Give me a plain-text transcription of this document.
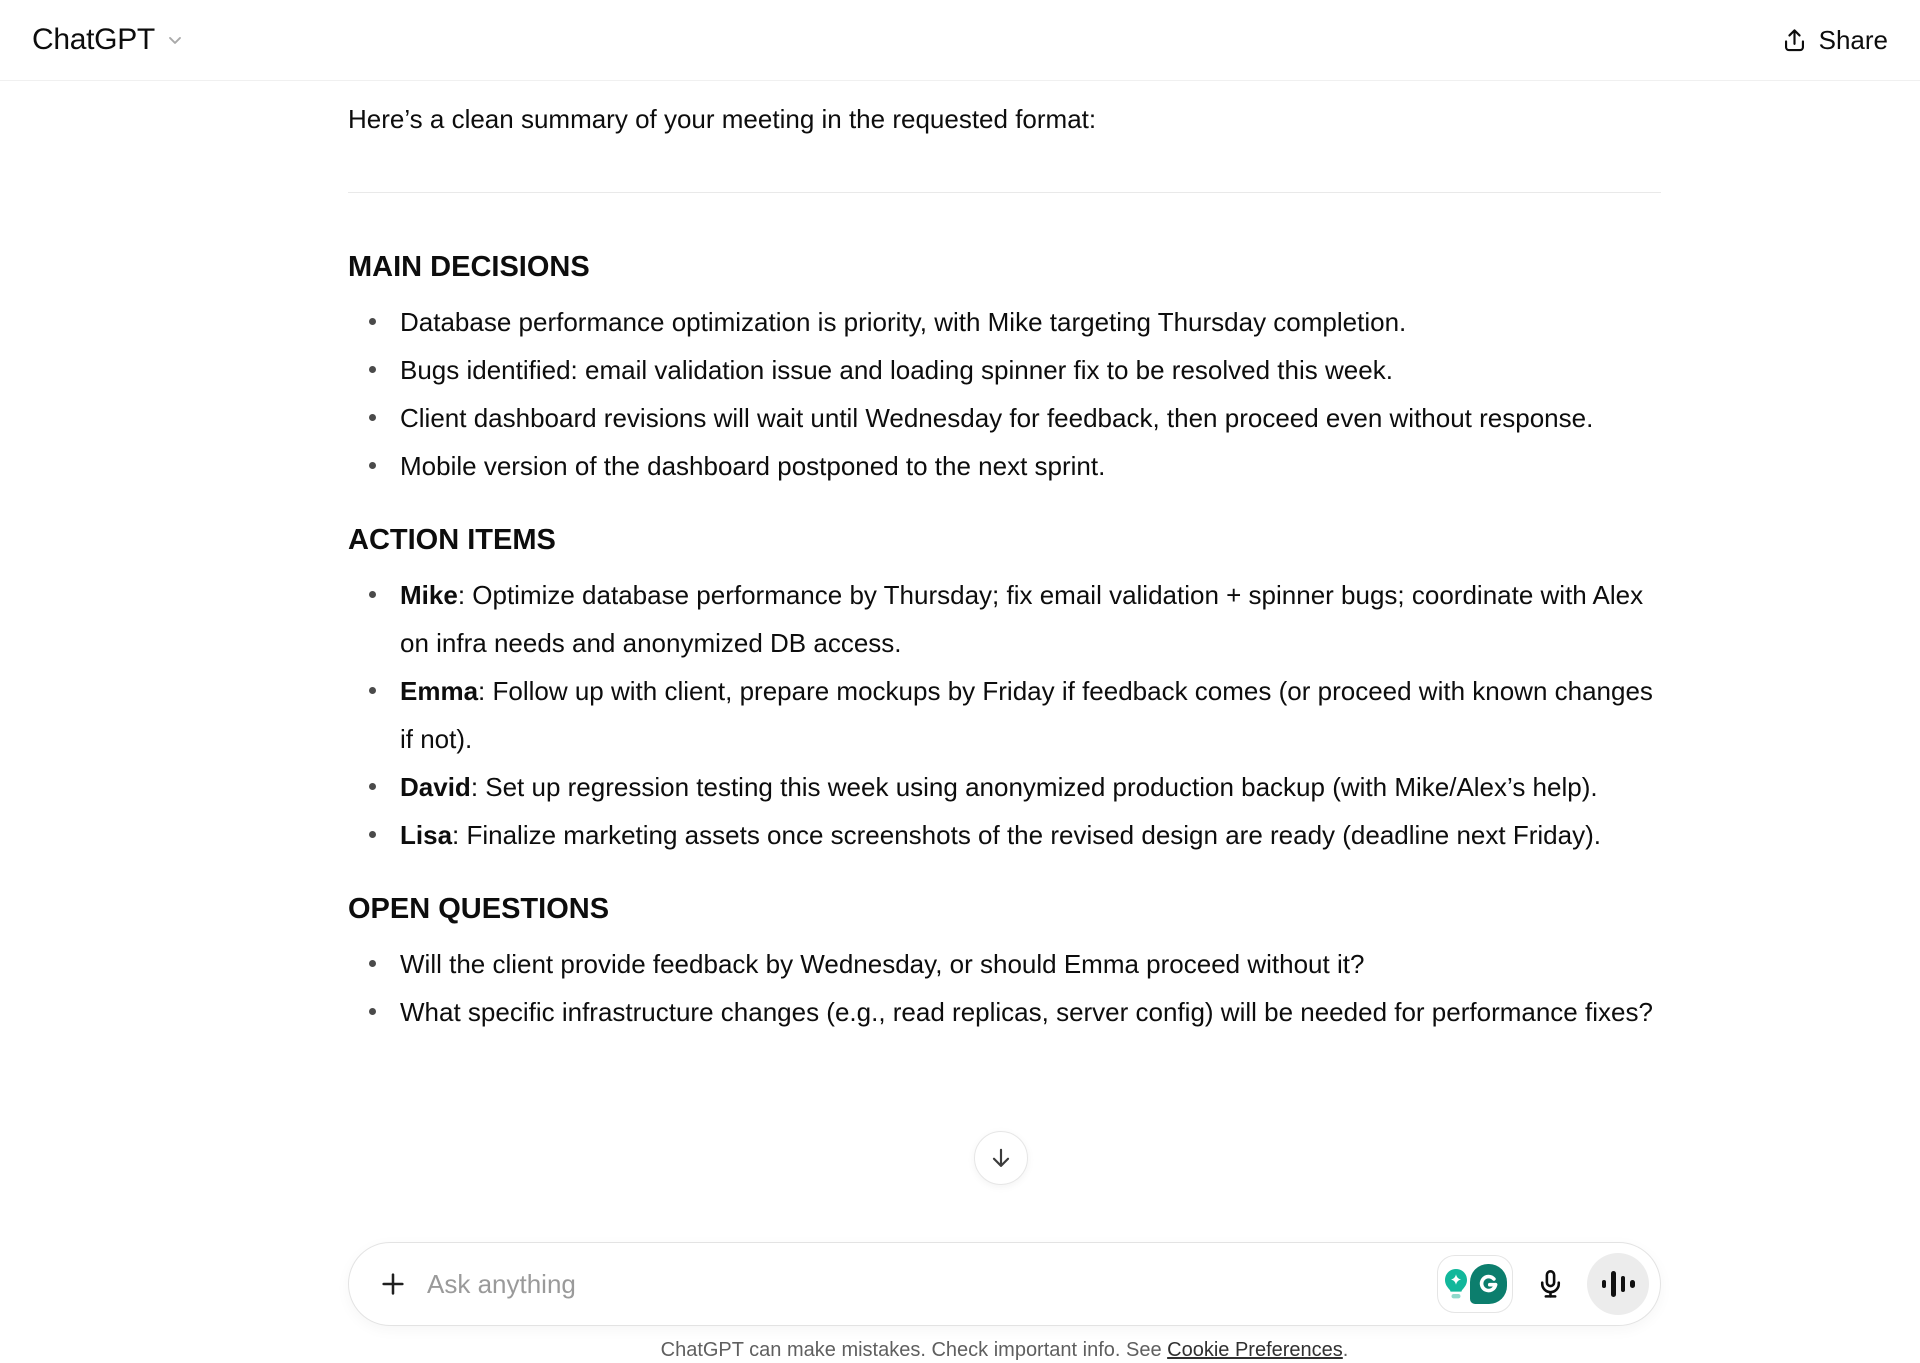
ChatGPT	Share

Here’s a clean summary of your meeting in the requested format:

MAIN DECISIONS
Database performance optimization is priority, with Mike targeting Thursday completion.
Bugs identified: email validation issue and loading spinner fix to be resolved this week.
Client dashboard revisions will wait until Wednesday for feedback, then proceed even without response.
Mobile version of the dashboard postponed to the next sprint.
ACTION ITEMS
Mike: Optimize database performance by Thursday; fix email validation + spinner bugs; coordinate with Alex on infra needs and anonymized DB access.
Emma: Follow up with client, prepare mockups by Friday if feedback comes (or proceed with known changes if not).
David: Set up regression testing this week using anonymized production backup (with Mike/Alex’s help).
Lisa: Finalize marketing assets once screenshots of the revised design are ready (deadline next Friday).
OPEN QUESTIONS
Will the client provide feedback by Wednesday, or should Emma proceed without it?
What specific infrastructure changes (e.g., read replicas, server config) will be needed for performance fixes?
Ask anything
ChatGPT can make mistakes. Check important info. See Cookie Preferences.
